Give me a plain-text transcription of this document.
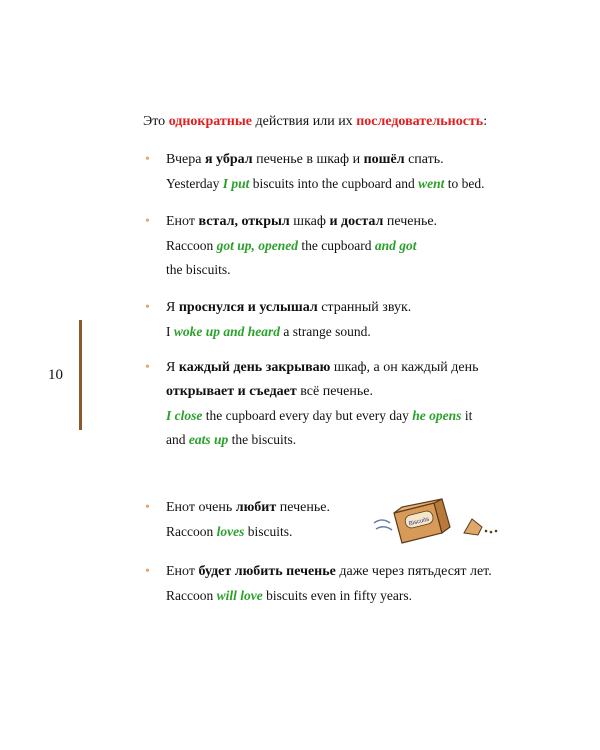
10
Это однократные действия или их последовательность:
• Вчера я убрал печенье в шкаф и пошёл спать.
Yesterday I put biscuits into the cupboard and went to bed.
• Енот встал, открыл шкаф и достал печенье.
Raccoon got up, opened the cupboard and got
the biscuits.
• Я проснулся и услышал странный звук.
I woke up and heard a strange sound.
• Я каждый день закрываю шкаф, а он каждый день
открывает и съедает всё печенье.
I close the cupboard every day but every day he opens it
and eats up the biscuits.
• Енот очень любит печенье.
Raccoon loves biscuits.
• Енот будет любить печенье даже через пятьдесят лет.
Raccoon will love biscuits even in fifty years.
Biscuits
